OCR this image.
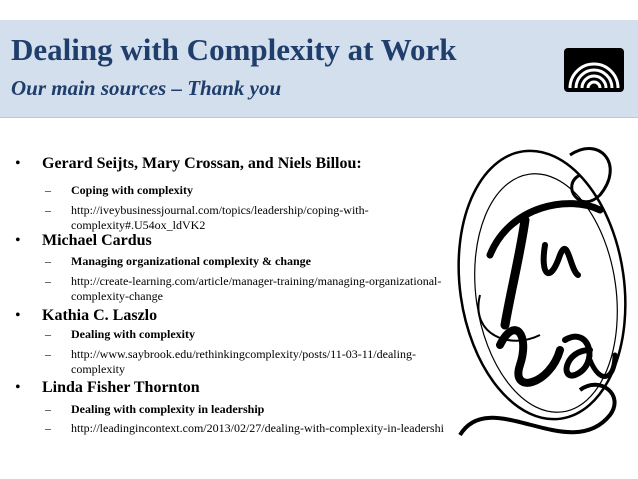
Dealing with Complexity at Work
Our main sources – Thank you
• Gerard Seijts, Mary Crossan, and Niels Billou:
– Coping with complexity
– http://iveybusinessjournal.com/topics/leadership/coping-with-
complexity#.U54ox_ldVK2
• Michael Cardus
– Managing organizational complexity & change
– http://create-learning.com/article/manager-training/managing-organizational-
complexity-change
• Kathia C. Laszlo
– Dealing with complexity
– http://www.saybrook.edu/rethinkingcomplexity/posts/11-03-11/dealing-
complexity
• Linda Fisher Thornton
– Dealing with complexity in leadership
– http://leadingincontext.com/2013/02/27/dealing-with-complexity-in-leadershi
